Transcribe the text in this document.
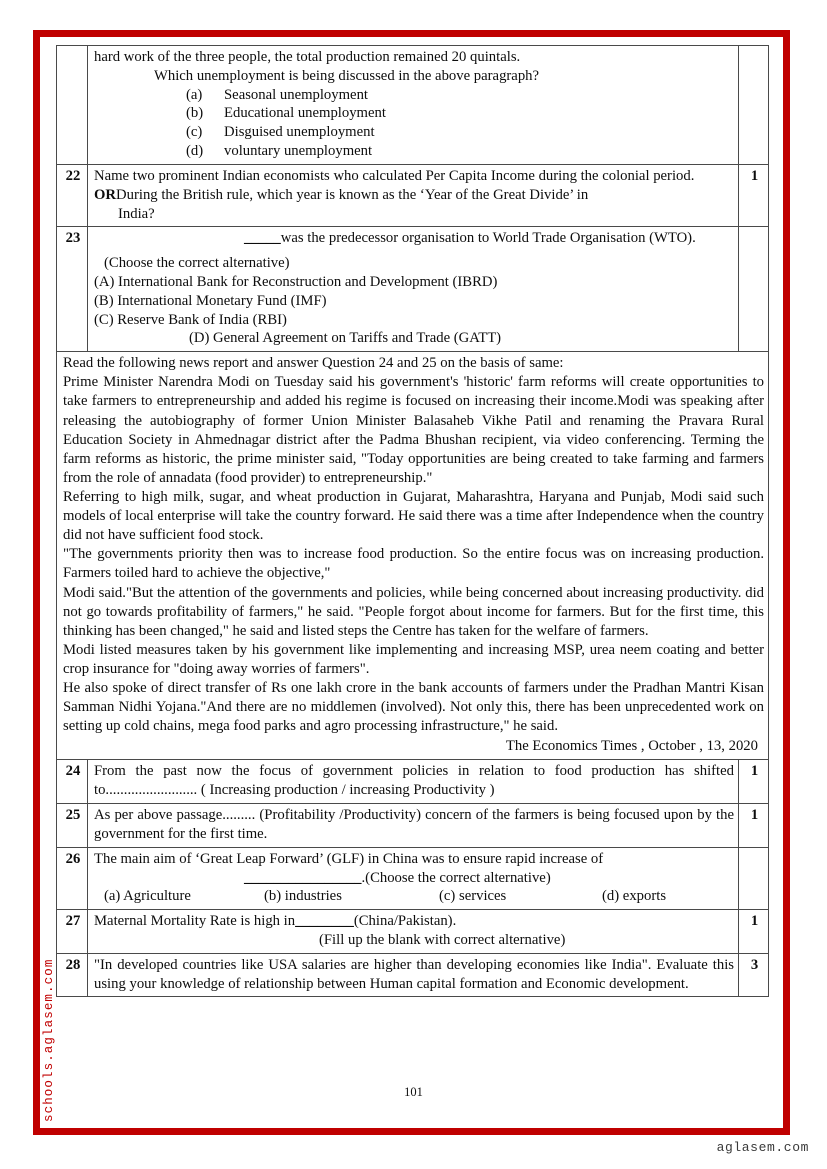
schools.aglasem.com

hard work of the three people, the total production remained 20 quintals.

Which unemployment is being discussed in the above paragraph?

(a) Seasonal unemployment

(b) Educational unemployment

(c) Disguised unemployment

(d) voluntary unemployment

22	Name two prominent Indian economists who calculated Per Capita Income during the colonial period.

ORDuring the British rule, which year is known as the ‘Year of the Great Divide’ in

India?	1
23	_____was the predecessor organisation to World Trade Organisation (WTO).

(Choose the correct alternative)

(A) International Bank for Reconstruction and Development (IBRD)

(B) International Monetary Fund (IMF)

(C) Reserve Bank of India (RBI)

(D) General Agreement on Tariffs and Trade (GATT)

Read the following news report and answer Question 24 and 25 on the basis of same:

Prime Minister Narendra Modi on Tuesday said his government's 'historic' farm reforms will create opportunities to take farmers to entrepreneurship and added his regime is focused on increasing their income.Modi was speaking after releasing the autobiography of former Union Minister Balasaheb Vikhe Patil and renaming the Pravara Rural Education Society in Ahmednagar district after the Padma Bhushan recipient, via video conferencing. Terming the farm reforms as historic, the prime minister said, "Today opportunities are being created to take farming and farmers from the role of annadata (food provider) to entrepreneurship."

Referring to high milk, sugar, and wheat production in Gujarat, Maharashtra, Haryana and Punjab, Modi said such models of local enterprise will take the country forward. He said there was a time after Independence when the country did not have sufficient food stock.

"The governments priority then was to increase food production. So the entire focus was on increasing production. Farmers toiled hard to achieve the objective,"

Modi said."But the attention of the governments and policies, while being concerned about increasing productivity. did not go towards profitability of farmers," he said. "People forgot about income for farmers. But for the first time, this thinking has been changed," he said and listed steps the Centre has taken for the welfare of farmers.

Modi listed measures taken by his government like implementing and increasing MSP, urea neem coating and better crop insurance for "doing away worries of farmers".

He also spoke of direct transfer of Rs one lakh crore in the bank accounts of farmers under the Pradhan Mantri Kisan Samman Nidhi Yojana."And there are no middlemen (involved). Not only this, there has been unprecedented work on setting up cold chains, mega food parks and agro processing infrastructure," he said.

The Economics Times , October , 13, 2020

24	From the past now the focus of government policies in relation to food production has shifted to......................... ( Increasing production / increasing Productivity )	1
25	As per above passage......... (Profitability /Productivity) concern of the farmers is being focused upon by the government for the first time.	1
26	The main aim of ‘Great Leap Forward’ (GLF) in China was to ensure rapid increase of

________________.(Choose the correct alternative)

(a) Agriculture	(b) industries	(c) services	(d) exports

27	Maternal Mortality Rate is high in________(China/Pakistan).

(Fill up the blank with correct alternative)	1
28	"In developed countries like USA salaries are higher than developing economies like India". Evaluate this using your knowledge of relationship between Human capital formation and Economic development.	3
101
aglasem.com
